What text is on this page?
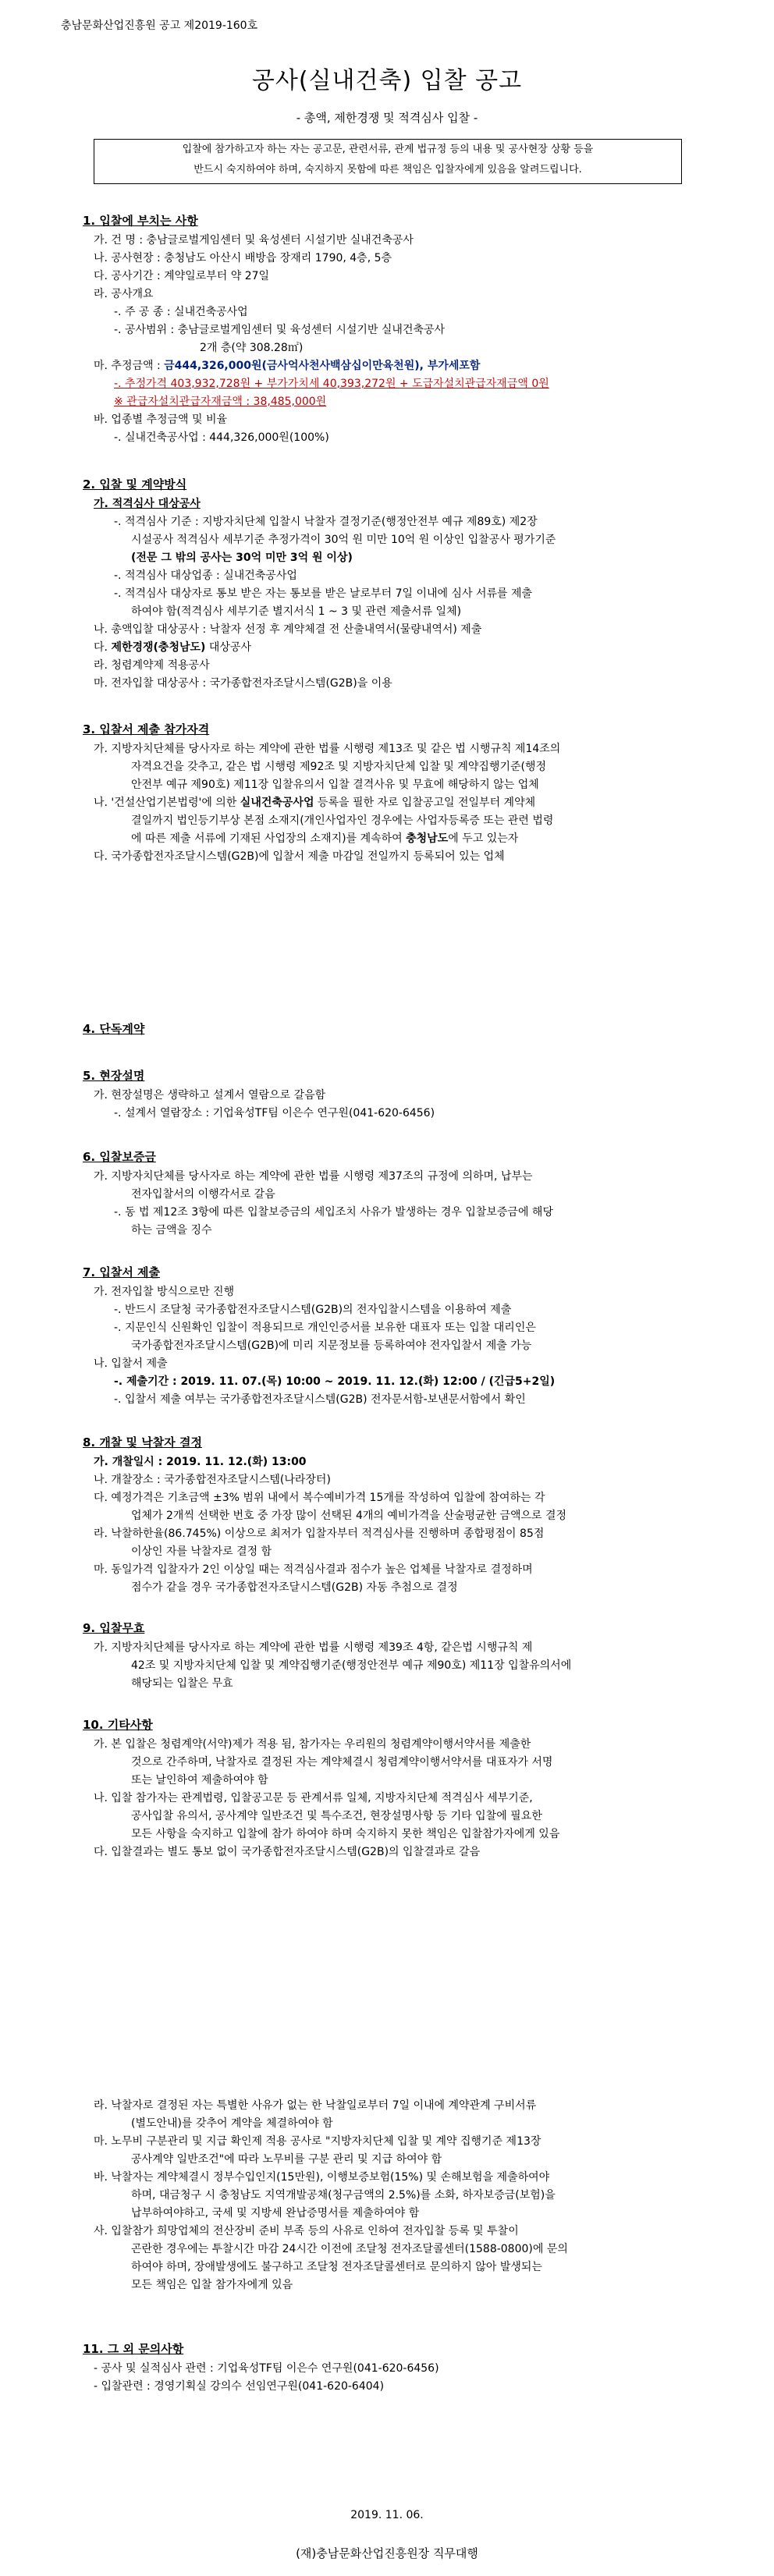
충남문화산업진흥원 공고 제2019-160호
공사(실내건축) 입찰 공고
- 총액, 제한경쟁 및 적격심사 입찰 -
입찰에 참가하고자 하는 자는 공고문, 관련서류, 관계 법규정 등의 내용 및 공사현장 상황 등을
반드시 숙지하여야 하며, 숙지하지 못함에 따른 책임은 입찰자에게 있음을 알려드립니다.
1. 입찰에 부치는 사항
가. 건 명 : 충남글로벌게임센터 및 육성센터 시설기반 실내건축공사
나. 공사현장 : 충청남도 아산시 배방읍 장재리 1790, 4층, 5층
다. 공사기간 : 계약일로부터 약 27일
라. 공사개요
-. 주 공 종 : 실내건축공사업
-. 공사범위 : 충남글로벌게임센터 및 육성센터 시설기반 실내건축공사
2개 층(약 308.28㎡)
마. 추정금액 : 금444,326,000원(금사억사천사백삼십이만육천원), 부가세포함
-. 추정가격 403,932,728원 + 부가가치세 40,393,272원 + 도급자설치관급자재금액 0원
※ 관급자설치관급자재금액 : 38,485,000원
바. 업종별 추정금액 및 비율
-. 실내건축공사업 : 444,326,000원(100%)
2. 입찰 및 계약방식
가. 적격심사 대상공사
-. 적격심사 기준 : 지방자치단체 입찰시 낙찰자 결정기준(행정안전부 예규 제89호) 제2장
시설공사 적격심사 세부기준 추정가격이 30억 원 미만 10억 원 이상인 입찰공사 평가기준
(전문 그 밖의 공사는 30억 미만 3억 원 이상)
-. 적격심사 대상업종 : 실내건축공사업
-. 적격심사 대상자로 통보 받은 자는 통보를 받은 날로부터 7일 이내에 심사 서류를 제출
하여야 함(적격심사 세부기준 별지서식 1 ~ 3 및 관련 제출서류 일체)
나. 총액입찰 대상공사 : 낙찰자 선정 후 계약체결 전 산출내역서(물량내역서) 제출
다. 제한경쟁(충청남도) 대상공사
라. 청렴계약제 적용공사
마. 전자입찰 대상공사 : 국가종합전자조달시스템(G2B)을 이용
3. 입찰서 제출 참가자격
가. 지방자치단체를 당사자로 하는 계약에 관한 법률 시행령 제13조 및 같은 법 시행규칙 제14조의
자격요건을 갖추고, 같은 법 시행령 제92조 및 지방자치단체 입찰 및 계약집행기준(행정
안전부 예규 제90호) 제11장 입찰유의서 입찰 결격사유 및 무효에 해당하지 않는 업체
나. '건설산업기본법령'에 의한 실내건축공사업 등록을 필한 자로 입찰공고일 전일부터 계약체
결일까지 법인등기부상 본점 소재지(개인사업자인 경우에는 사업자등록증 또는 관련 법령
에 따른 제출 서류에 기재된 사업장의 소재지)를 계속하여 충청남도에 두고 있는자
다. 국가종합전자조달시스템(G2B)에 입찰서 제출 마감일 전일까지 등록되어 있는 업체
4. 단독계약
5. 현장설명
가. 현장설명은 생략하고 설계서 열람으로 갈음함
-. 설계서 열람장소 : 기업육성TF팀 이은수 연구원(041-620-6456)
6. 입찰보증금
가. 지방자치단체를 당사자로 하는 계약에 관한 법률 시행령 제37조의 규정에 의하며, 납부는
전자입찰서의 이행각서로 갈음
-. 동 법 제12조 3항에 따른 입찰보증금의 세입조치 사유가 발생하는 경우 입찰보증금에 해당
하는 금액을 징수
7. 입찰서 제출
가. 전자입찰 방식으로만 진행
-. 반드시 조달청 국가종합전자조달시스템(G2B)의 전자입찰시스템을 이용하여 제출
-. 지문인식 신원확인 입찰이 적용되므로 개인인증서를 보유한 대표자 또는 입찰 대리인은
국가종합전자조달시스템(G2B)에 미리 지문정보를 등록하여야 전자입찰서 제출 가능
나. 입찰서 제출
-. 제출기간 : 2019. 11. 07.(목) 10:00 ~ 2019. 11. 12.(화) 12:00 / (긴급5+2일)
-. 입찰서 제출 여부는 국가종합전자조달시스템(G2B) 전자문서함-보낸문서함에서 확인
8. 개찰 및 낙찰자 결정
가. 개찰일시 : 2019. 11. 12.(화) 13:00
나. 개찰장소 : 국가종합전자조달시스템(나라장터)
다. 예정가격은 기초금액 ±3% 범위 내에서 복수예비가격 15개를 작성하여 입찰에 참여하는 각
업체가 2개씩 선택한 번호 중 가장 많이 선택된 4개의 예비가격을 산술평균한 금액으로 결정
라. 낙찰하한율(86.745%) 이상으로 최저가 입찰자부터 적격심사를 진행하며 종합평점이 85점
이상인 자를 낙찰자로 결정 함
마. 동일가격 입찰자가 2인 이상일 때는 적격심사결과 점수가 높은 업체를 낙찰자로 결정하며
점수가 같을 경우 국가종합전자조달시스템(G2B) 자동 추첨으로 결정
9. 입찰무효
가. 지방자치단체를 당사자로 하는 계약에 관한 법률 시행령 제39조 4항, 같은법 시행규칙 제
42조 및 지방자치단체 입찰 및 계약집행기준(행정안전부 예규 제90호) 제11장 입찰유의서에
해당되는 입찰은 무효
10. 기타사항
가. 본 입찰은 청렴계약(서약)제가 적용 됨, 참가자는 우리원의 청렴계약이행서약서를 제출한
것으로 간주하며, 낙찰자로 결정된 자는 계약체결시 청렴계약이행서약서를 대표자가 서명
또는 날인하여 제출하여야 함
나. 입찰 참가자는 관계법령, 입찰공고문 등 관계서류 일체, 지방자치단체 적격심사 세부기준,
공사입찰 유의서, 공사계약 일반조건 및 특수조건, 현장설명사항 등 기타 입찰에 필요한
모든 사항을 숙지하고 입찰에 참가 하여야 하며 숙지하지 못한 책임은 입찰참가자에게 있음
다. 입찰결과는 별도 통보 없이 국가종합전자조달시스템(G2B)의 입찰결과로 갈음
라. 낙찰자로 결정된 자는 특별한 사유가 없는 한 낙찰일로부터 7일 이내에 계약관계 구비서류
(별도안내)를 갖추어 계약을 체결하여야 함
마. 노무비 구분관리 및 지급 확인제 적용 공사로 "지방자치단체 입찰 및 계약 집행기준 제13장
공사계약 일반조건"에 따라 노무비를 구분 관리 및 지급 하여야 함
바. 낙찰자는 계약체결시 정부수입인지(15만원), 이행보증보험(15%) 및 손해보험을 제출하여야
하며, 대금청구 시 충청남도 지역개발공채(청구금액의 2.5%)를 소화, 하자보증금(보험)을
납부하여야하고, 국세 및 지방세 완납증명서를 제출하여야 함
사. 입찰참가 희망업체의 전산장비 준비 부족 등의 사유로 인하여 전자입찰 등록 및 투찰이
곤란한 경우에는 투찰시간 마감 24시간 이전에 조달청 전자조달콜센터(1588-0800)에 문의
하여야 하며, 장애발생에도 불구하고 조달청 전자조달콜센터로 문의하지 않아 발생되는
모든 책임은 입찰 참가자에게 있음
11. 그 외 문의사항
- 공사 및 실적심사 관련 : 기업육성TF팀 이은수 연구원(041-620-6456)
- 입찰관련 : 경영기획실 강의수 선임연구원(041-620-6404)
2019. 11. 06.
(재)충남문화산업진흥원장 직무대행
